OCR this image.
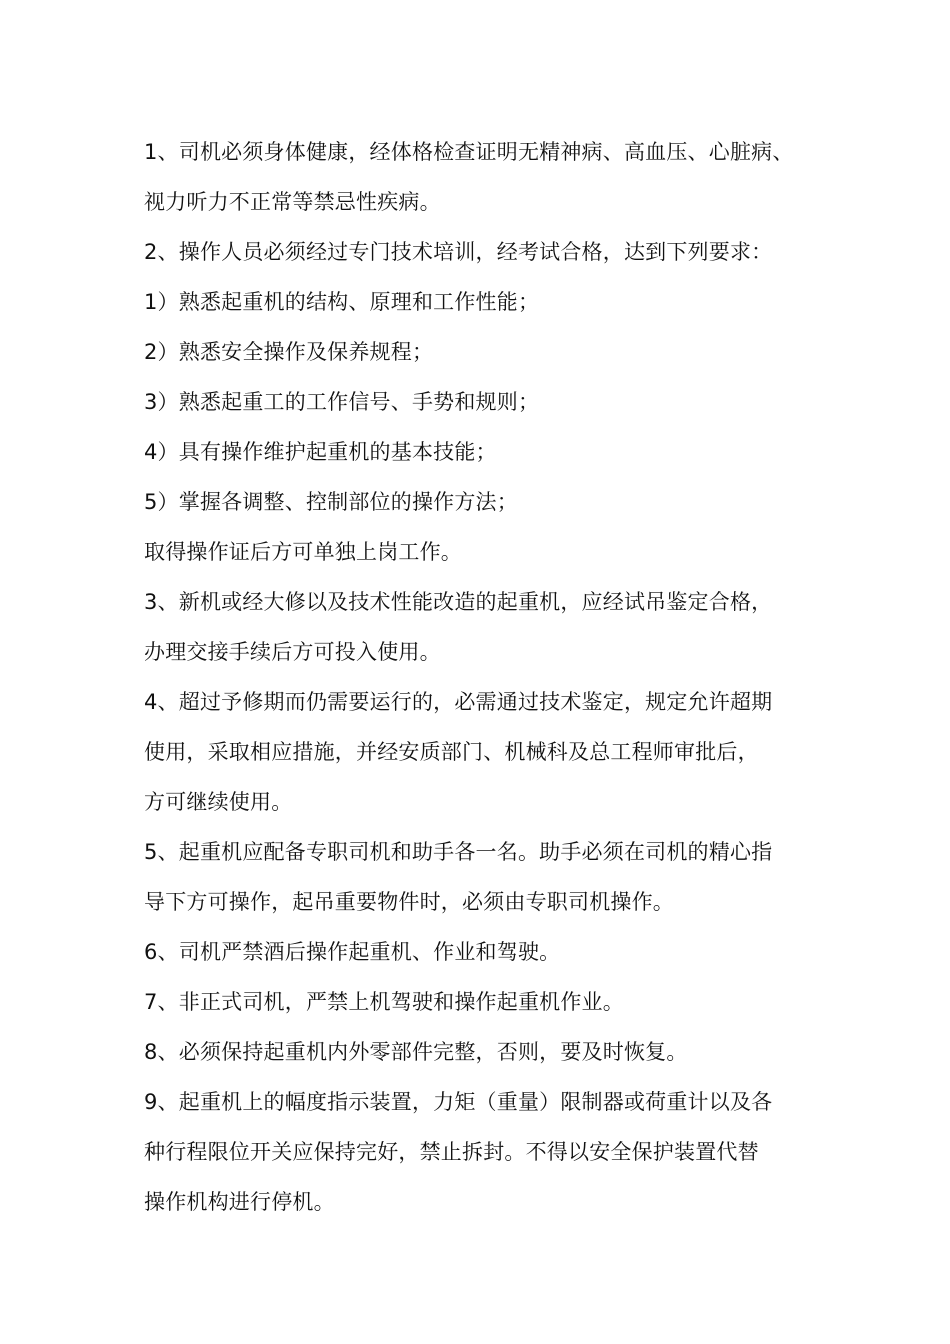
1、司机必须身体健康，经体格检查证明无精神病、高血压、心脏病、
视力听力不正常等禁忌性疾病。
2、操作人员必须经过专门技术培训，经考试合格，达到下列要求：
1）熟悉起重机的结构、原理和工作性能；
2）熟悉安全操作及保养规程；
3）熟悉起重工的工作信号、手势和规则；
4）具有操作维护起重机的基本技能；
5）掌握各调整、控制部位的操作方法；
取得操作证后方可单独上岗工作。
3、新机或经大修以及技术性能改造的起重机，应经试吊鉴定合格，
办理交接手续后方可投入使用。
4、超过予修期而仍需要运行的，必需通过技术鉴定，规定允许超期
使用，采取相应措施，并经安质部门、机械科及总工程师审批后，
方可继续使用。
5、起重机应配备专职司机和助手各一名。助手必须在司机的精心指
导下方可操作，起吊重要物件时，必须由专职司机操作。
6、司机严禁酒后操作起重机、作业和驾驶。
7、非正式司机，严禁上机驾驶和操作起重机作业。
8、必须保持起重机内外零部件完整，否则，要及时恢复。
9、起重机上的幅度指示装置，力矩（重量）限制器或荷重计以及各
种行程限位开关应保持完好，禁止拆封。不得以安全保护装置代替
操作机构进行停机。
